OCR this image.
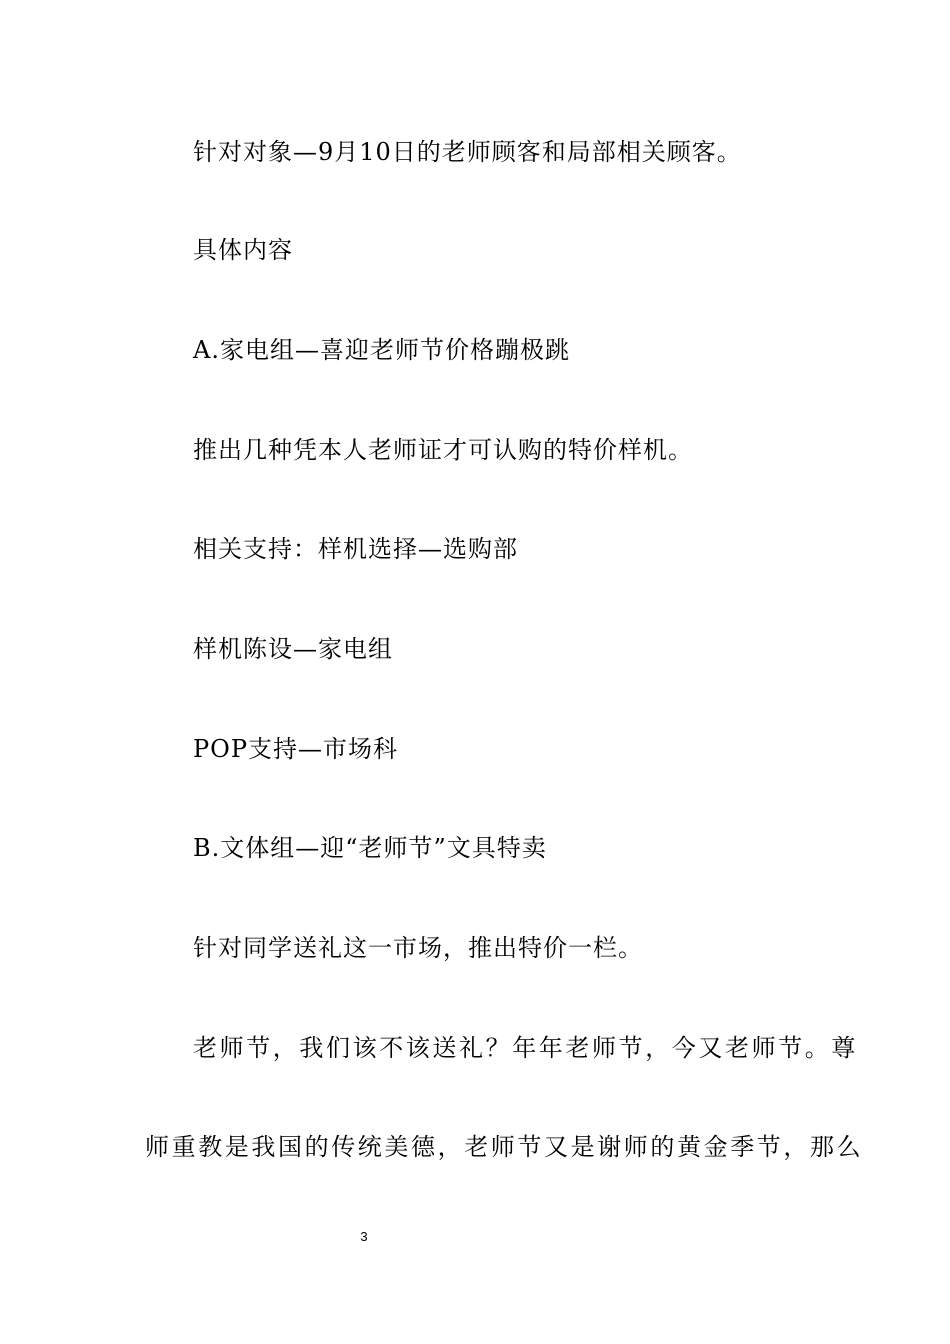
针对对象—9月10日的老师顾客和局部相关顾客。
具体内容
A.家电组—喜迎老师节价格蹦极跳
推出几种凭本人老师证才可认购的特价样机。
相关支持：样机选择—选购部
样机陈设—家电组
POP支持—市场科
B.文体组—迎“老师节”文具特卖
针对同学送礼这一市场，推出特价一栏。
老师节，我们该不该送礼？年年老师节，今又老师节。尊
师重教是我国的传统美德，老师节又是谢师的黄金季节，那么
3
